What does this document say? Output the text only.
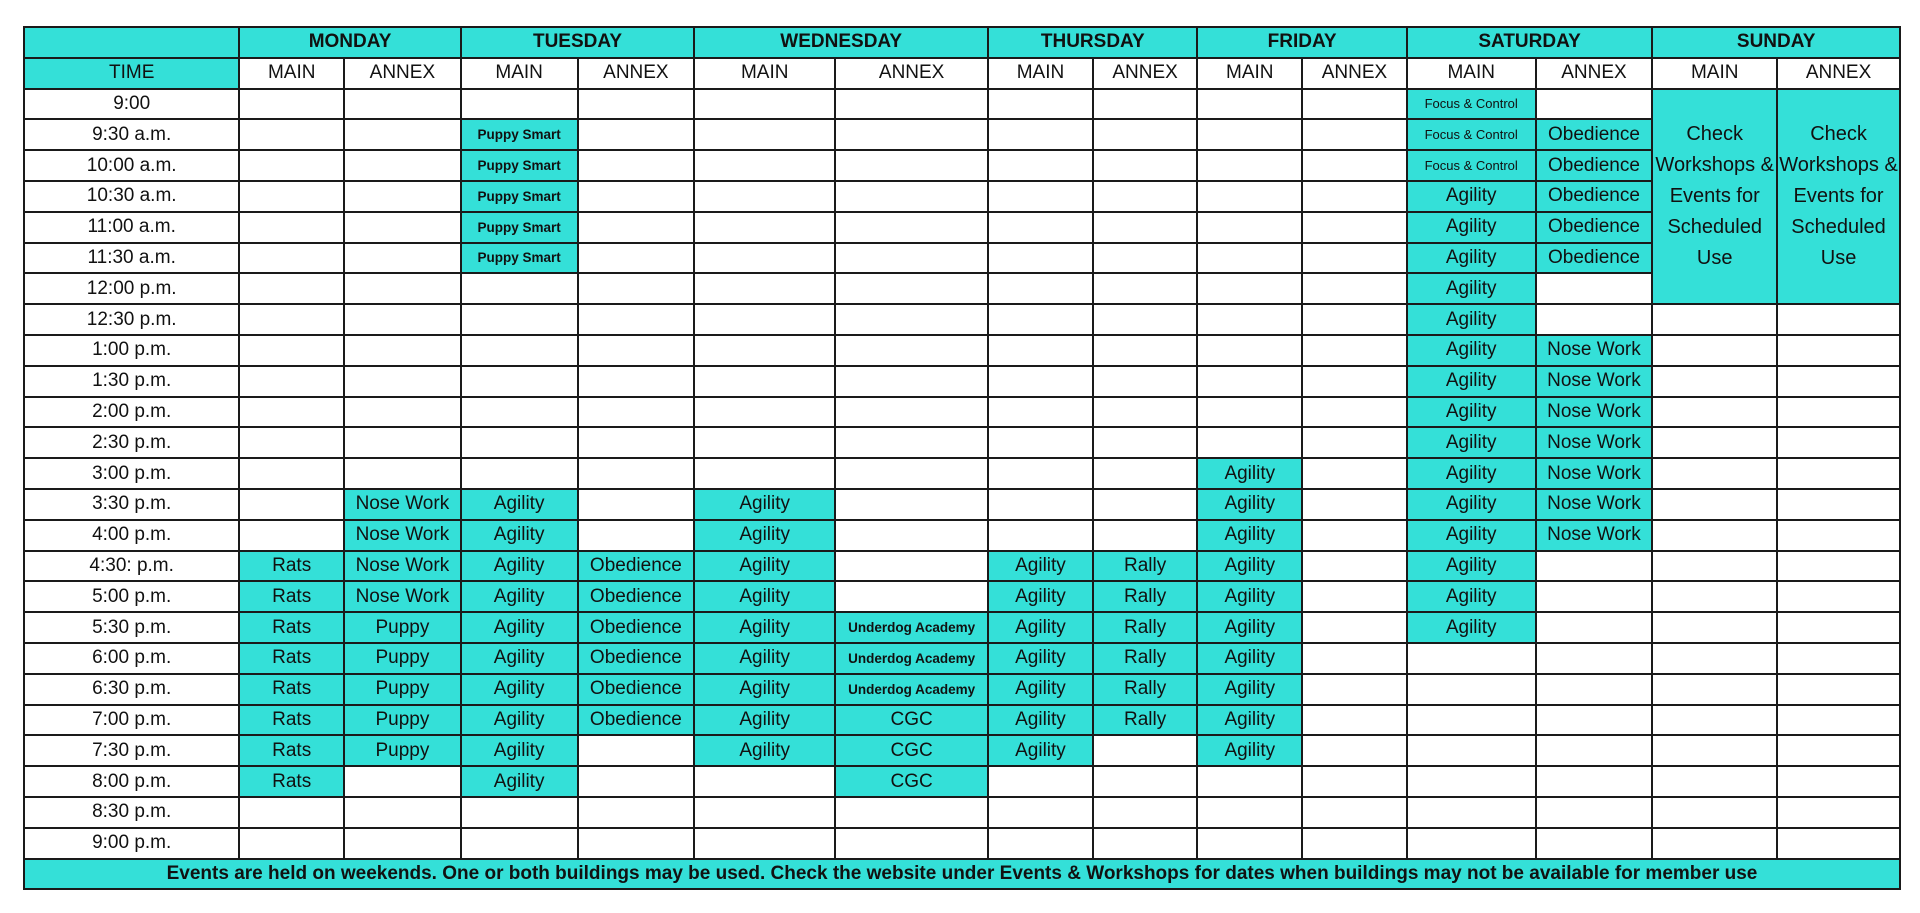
	MONDAY		TUESDAY		WEDNESDAY		THURSDAY		FRIDAY		SATURDAY		SUNDAY	
TIME	MAIN	ANNEX	MAIN	ANNEX	MAIN	ANNEX	MAIN	ANNEX	MAIN	ANNEX	MAIN	ANNEX	MAIN	ANNEX
9:00											Focus & Control		Check Workshops & Events for Scheduled Use	Check Workshops & Events for Scheduled Use
9:30 a.m.			Puppy Smart								Focus & Control	Obedience		
10:00 a.m.			Puppy Smart								Focus & Control	Obedience		
10:30 a.m.			Puppy Smart								Agility	Obedience		
11:00 a.m.			Puppy Smart								Agility	Obedience		
11:30 a.m.			Puppy Smart								Agility	Obedience		
12:00 p.m.											Agility			
12:30 p.m.											Agility			
1:00 p.m.											Agility	Nose Work		
1:30 p.m.											Agility	Nose Work		
2:00 p.m.											Agility	Nose Work		
2:30 p.m.											Agility	Nose Work		
3:00 p.m.									Agility		Agility	Nose Work		
3:30 p.m.		Nose Work	Agility		Agility				Agility		Agility	Nose Work		
4:00 p.m.		Nose Work	Agility		Agility				Agility		Agility	Nose Work		
4:30: p.m.	Rats	Nose Work	Agility	Obedience	Agility		Agility	Rally	Agility		Agility			
5:00 p.m.	Rats	Nose Work	Agility	Obedience	Agility		Agility	Rally	Agility		Agility			
5:30 p.m.	Rats	Puppy	Agility	Obedience	Agility	Underdog Academy	Agility	Rally	Agility		Agility			
6:00 p.m.	Rats	Puppy	Agility	Obedience	Agility	Underdog Academy	Agility	Rally	Agility					
6:30 p.m.	Rats	Puppy	Agility	Obedience	Agility	Underdog Academy	Agility	Rally	Agility					
7:00 p.m.	Rats	Puppy	Agility	Obedience	Agility	CGC	Agility	Rally	Agility					
7:30 p.m.	Rats	Puppy	Agility		Agility	CGC	Agility		Agility					
8:00 p.m.	Rats		Agility			CGC								
8:30 p.m.														
9:00 p.m.														
Events are held on weekends. One or both buildings may be used. Check the website under Events & Workshops for dates when buildings may not be available for member use														
